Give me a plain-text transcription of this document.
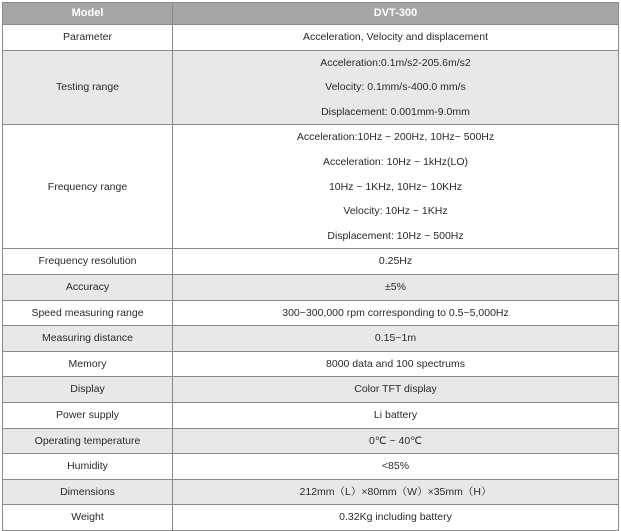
Model	DVT-300
Parameter	Acceleration, Velocity and displacement

Testing range	Acceleration:0.1m/s2-205.6m/s2
Velocity: 0.1mm/s-400.0 mm/s
Displacement: 0.001mm-9.0mm

Frequency range	Acceleration:10Hz ~ 200Hz, 10Hz~ 500Hz
Acceleration: 10Hz ~ 1kHz(LO)
10Hz ~ 1KHz, 10Hz~ 10KHz
Velocity: 10Hz ~ 1KHz
Displacement: 10Hz ~ 500Hz

Frequency resolution	0.25Hz

Accuracy	±5%

Speed measuring range	300~300,000 rpm corresponding to 0.5~5,000Hz

Measuring distance	0.15~1m

Memory	8000 data and 100 spectrums

Display	Color TFT display

Power supply	Li battery

Operating temperature	0℃ ~ 40℃

Humidity	<85%

Dimensions	212mm（L）×80mm（W）×35mm（H）

Weight	0.32Kg including battery
